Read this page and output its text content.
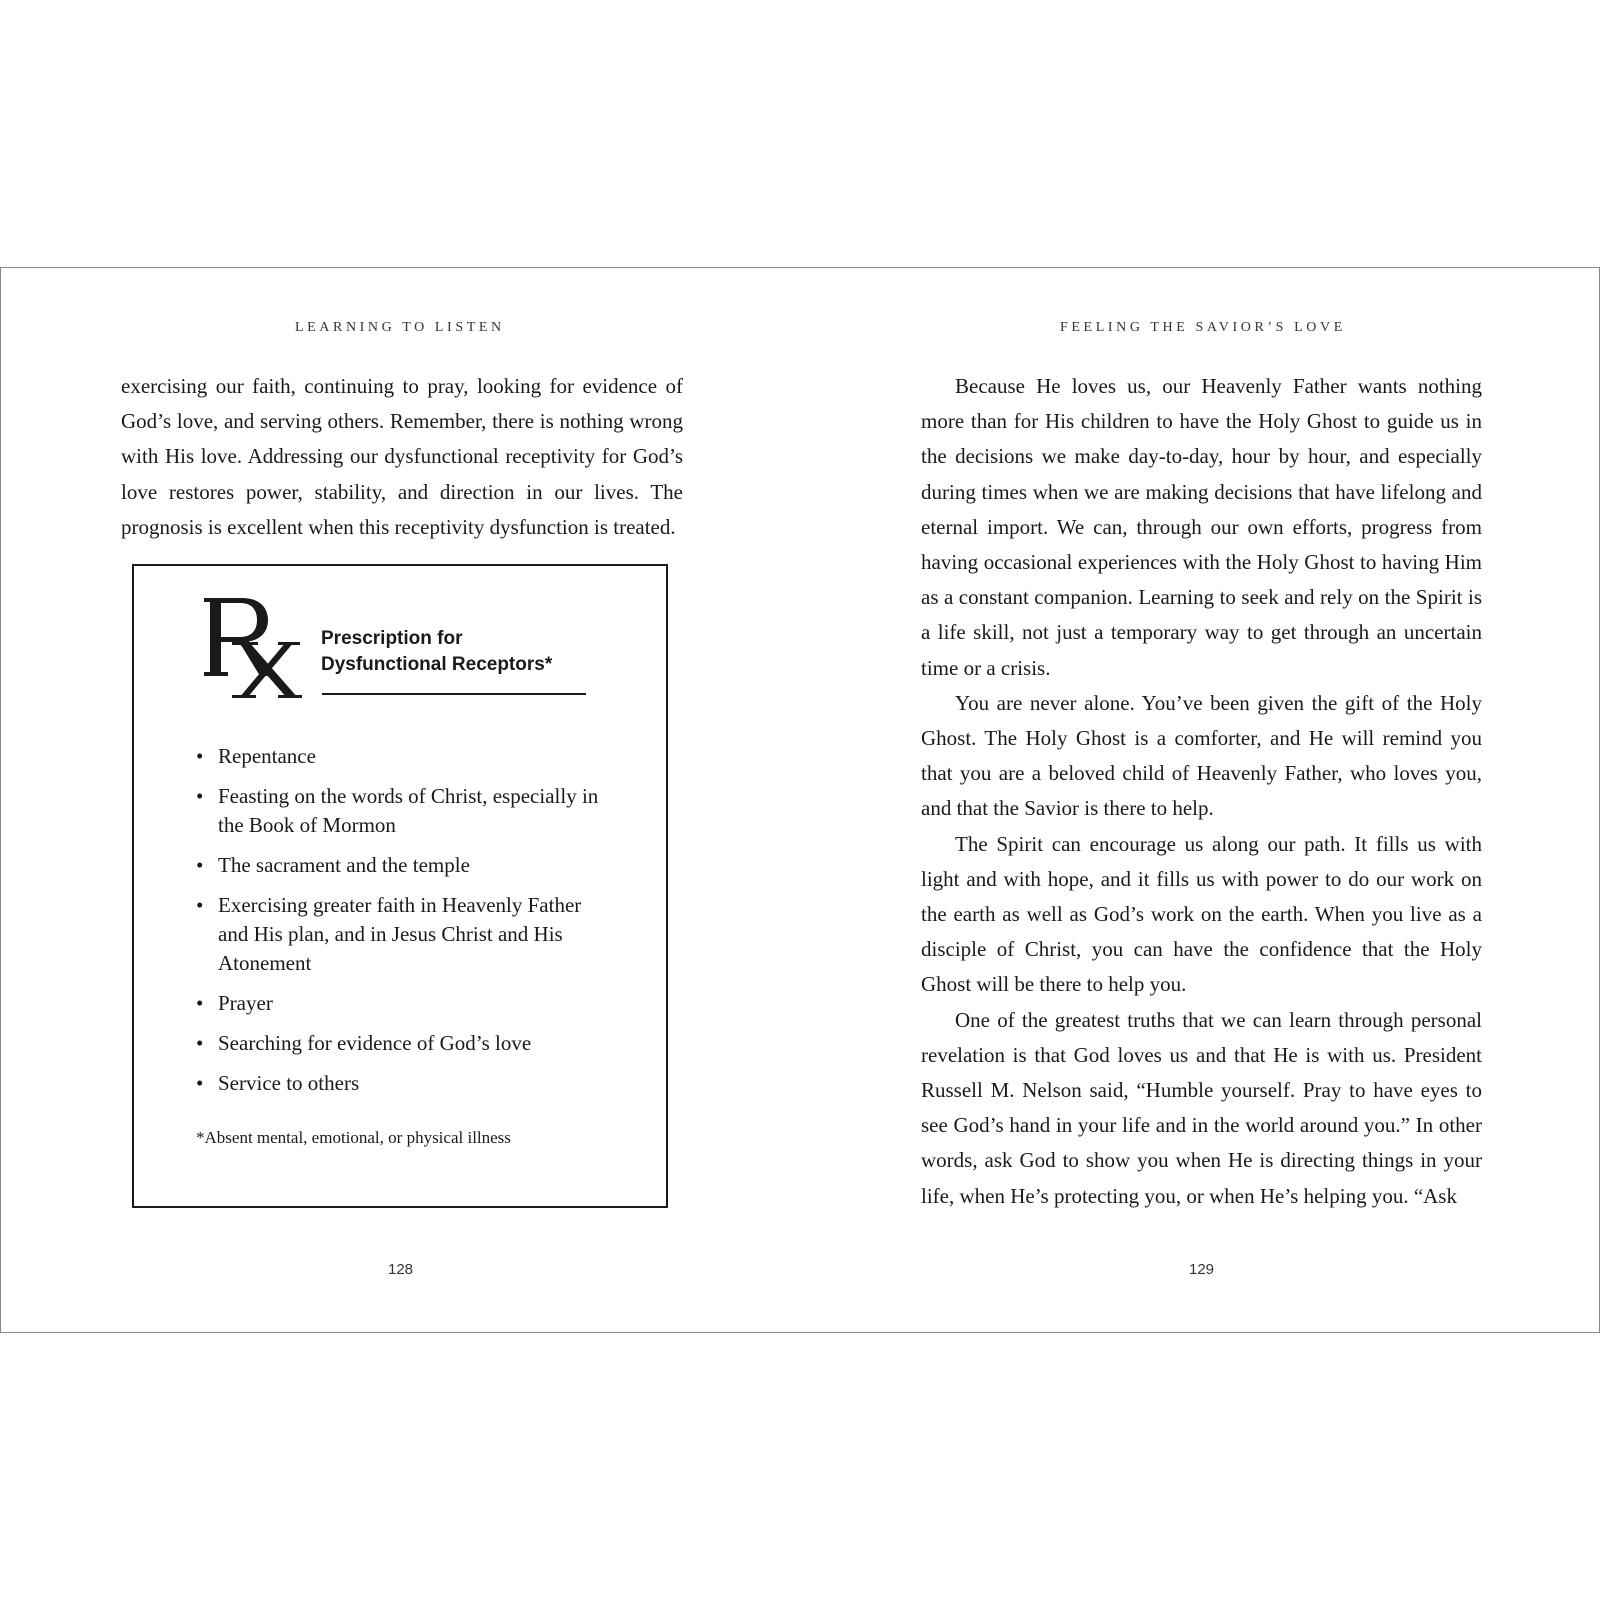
LEARNING TO LISTEN

exercising our faith, continuing to pray, looking for evidence of God’s love, and serving others. Remember, there is nothing wrong with His love. Addressing our dysfunctional receptivity for God’s love restores power, stability, and direction in our lives. The prognosis is excellent when this receptivity dysfunction is treated.

Prescription for
Dysfunctional Receptors*
• Repentance
• Feasting on the words of Christ, especially in the Book of Mormon
• The sacrament and the temple
• Exercising greater faith in Heavenly Father and His plan, and in Jesus Christ and His Atonement
• Prayer
• Searching for evidence of God’s love
• Service to others
*Absent mental, emotional, or physical illness
128
FEELING THE SAVIOR’S LOVE

Because He loves us, our Heavenly Father wants nothing more than for His children to have the Holy Ghost to guide us in the decisions we make day-to-day, hour by hour, and especially during times when we are making decisions that have lifelong and eternal import. We can, through our own efforts, progress from having occasional experiences with the Holy Ghost to having Him as a constant companion. Learning to seek and rely on the Spirit is a life skill, not just a temporary way to get through an uncertain time or a crisis.

You are never alone. You’ve been given the gift of the Holy Ghost. The Holy Ghost is a comforter, and He will remind you that you are a beloved child of Heavenly Father, who loves you, and that the Savior is there to help.

The Spirit can encourage us along our path. It fills us with light and with hope, and it fills us with power to do our work on the earth as well as God’s work on the earth. When you live as a disciple of Christ, you can have the confidence that the Holy Ghost will be there to help you.

One of the greatest truths that we can learn through personal revelation is that God loves us and that He is with us. President Russell M. Nelson said, “Humble yourself. Pray to have eyes to see God’s hand in your life and in the world around you.” In other words, ask God to show you when He is directing things in your life, when He’s protecting you, or when He’s helping you. “Ask

129
